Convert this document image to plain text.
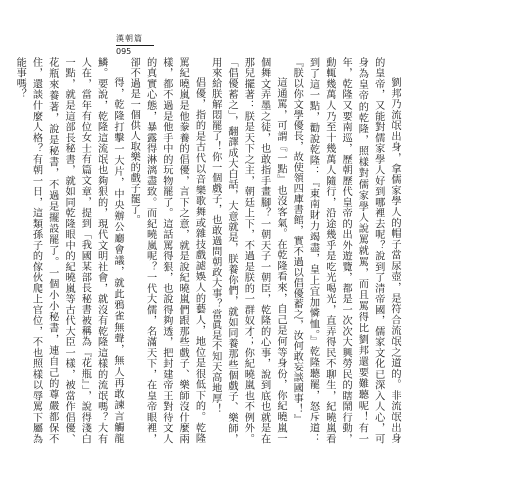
漢朝篇
095

劉邦乃流氓出身，拿儒家學人的帽子當尿壺，是符合流氓之道的。非流氓出身的皇帝，又能對儒家學人好到哪裡去呢？說到了清帝國，儒家文化已深入人心，可身為皇帝的乾隆，照樣對儒家學人說罵就罵，而且罵得比劉邦還要難聽呢！有一年，乾隆又要南巡，歷朝歷代皇帝的出外遊覽，都是一次次大興勞民的瞎鬧行動，動輒幾萬人乃至十幾萬人隨行，沿途幾乎是吃光喝光，直弄得民不聊生，紀曉嵐看到了這一點，勸說乾隆：『東南財力竭盡，皇上宜加憐恤。』乾隆聽罷，怒斥道：『朕以你文學優長，故使領四庫書館，實不過以倡優蓄之，汝何敢妄談國事！』

這通罵，可謂『一點』也沒客氣。在乾隆看來，自己是何等身份，你紀曉嵐一個舞文弄墨之徒，也敢指手畫腳？一朝天子一朝臣，乾隆的心事，說到底也就是在那兒擺著：朕是天下之主，朝廷上下，不過是朕的一群奴才；你紀曉嵐也不例外。「倡優蓄之」，翻譯成大白話，大意就是，朕養你們，就如同養那些個戲子、樂師，用來給朕解悶罷了！你一個戲子，也敢過問朝政大事？當眞是不知天高地厚！

倡優，指的是古代以音樂歌舞或雜技戲謔娛人的藝人，地位是很低下的。乾隆罵紀曉嵐是他豢養的倡優，言下之意，就是說紀曉嵐們跟那些戲子、樂師沒什麼兩樣，都不過是他手中的玩物罷了。這話罵得狠，也說得夠透，把封建帝王對待文人的真實心態，暴露得淋漓盡致。而紀曉嵐呢？一代大儒，名滿天下，在皇帝眼裡，卻不過是一個供人取樂的戲子罷了。

得，乾隆打擊一大片，中央辦公廳會議，就此鴉雀無聲，無人再敢諫言觸龍鱗。要說，乾隆這流氓也夠狠的，現代文明社會，就沒有乾隆這樣的流氓嗎？大有人在，當年有位女士有篇文章，提到「我國某部長秘書被稱為『花瓶』」，說得淺白一點，就是這部長秘書，就如同乾隆眼中的紀曉嵐等古代大臣一樣，被當作倡優、花瓶來養著，說是秘書，不過是擺設罷了。一個小小秘書，連自己的尊嚴都保不住，還談什麼人格？有朝一日，這類孫子的傢伙爬上官位，不也照樣以辱罵下屬為能事嗎？
